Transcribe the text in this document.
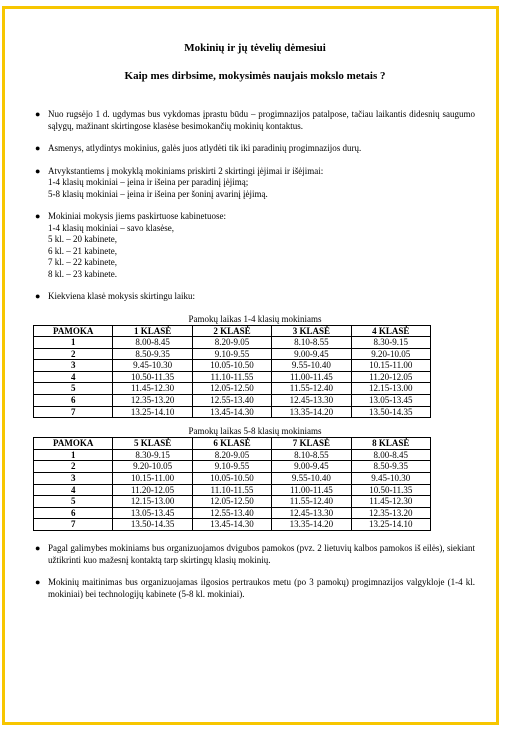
Mokinių ir jų tėvelių dėmesiui

Kaip mes dirbsime, mokysimės naujais mokslo metais ?

● Nuo rugsėjo 1 d. ugdymas bus vykdomas įprastu būdu – progimnazijos patalpose, tačiau laikantis didesnių saugumo sąlygų, mažinant skirtingose klasėse besimokančių mokinių kontaktus.
● Asmenys, atlydintys mokinius, galės juos atlydėti tik iki paradinių progimnazijos durų.
● Atvykstantiems į mokyklą mokiniams priskirti 2 skirtingi įėjimai ir išėjimai:
1-4 klasių mokiniai – įeina ir išeina per paradinį įėjimą;
5-8 klasių mokiniai – įeina ir išeina per šoninį avarinį įėjimą.
● Mokiniai mokysis jiems paskirtuose kabinetuose:
1-4 klasių mokiniai – savo klasėse,
5 kl. – 20 kabinete,
6 kl. – 21 kabinete,
7 kl. – 22 kabinete,
8 kl. – 23 kabinete.
● Kiekviena klasė mokysis skirtingu laiku:

Pamokų laikas 1-4 klasių mokiniams

PAMOKA	1 KLASĖ	2 KLASĖ	3 KLASĖ	4 KLASĖ
1	8.00-8.45	8.20-9.05	8.10-8.55	8.30-9.15
2	8.50-9.35	9.10-9.55	9.00-9.45	9.20-10.05
3	9.45-10.30	10.05-10.50	9.55-10.40	10.15-11.00
4	10.50-11.35	11.10-11.55	11.00-11.45	11.20-12.05
5	11.45-12.30	12.05-12.50	11.55-12.40	12.15-13.00
6	12.35-13.20	12.55-13.40	12.45-13.30	13.05-13.45
7	13.25-14.10	13.45-14.30	13.35-14.20	13.50-14.35

Pamokų laikas 5-8 klasių mokiniams

PAMOKA	5 KLASĖ	6 KLASĖ	7 KLASĖ	8 KLASĖ
1	8.30-9.15	8.20-9.05	8.10-8.55	8.00-8.45
2	9.20-10.05	9.10-9.55	9.00-9.45	8.50-9.35
3	10.15-11.00	10.05-10.50	9.55-10.40	9.45-10.30
4	11.20-12.05	11.10-11.55	11.00-11.45	10.50-11.35
5	12.15-13.00	12.05-12.50	11.55-12.40	11.45-12.30
6	13.05-13.45	12.55-13.40	12.45-13.30	12.35-13.20
7	13.50-14.35	13.45-14.30	13.35-14.20	13.25-14.10
● Pagal galimybes mokiniams bus organizuojamos dvigubos pamokos (pvz. 2 lietuvių kalbos pamokos iš eilės), siekiant užtikrinti kuo mažesnį kontaktą tarp skirtingų klasių mokinių.
● Mokinių maitinimas bus organizuojamas ilgosios pertraukos metu (po 3 pamokų) progimnazijos valgykloje (1-4 kl. mokiniai) bei technologijų kabinete (5-8 kl. mokiniai).
